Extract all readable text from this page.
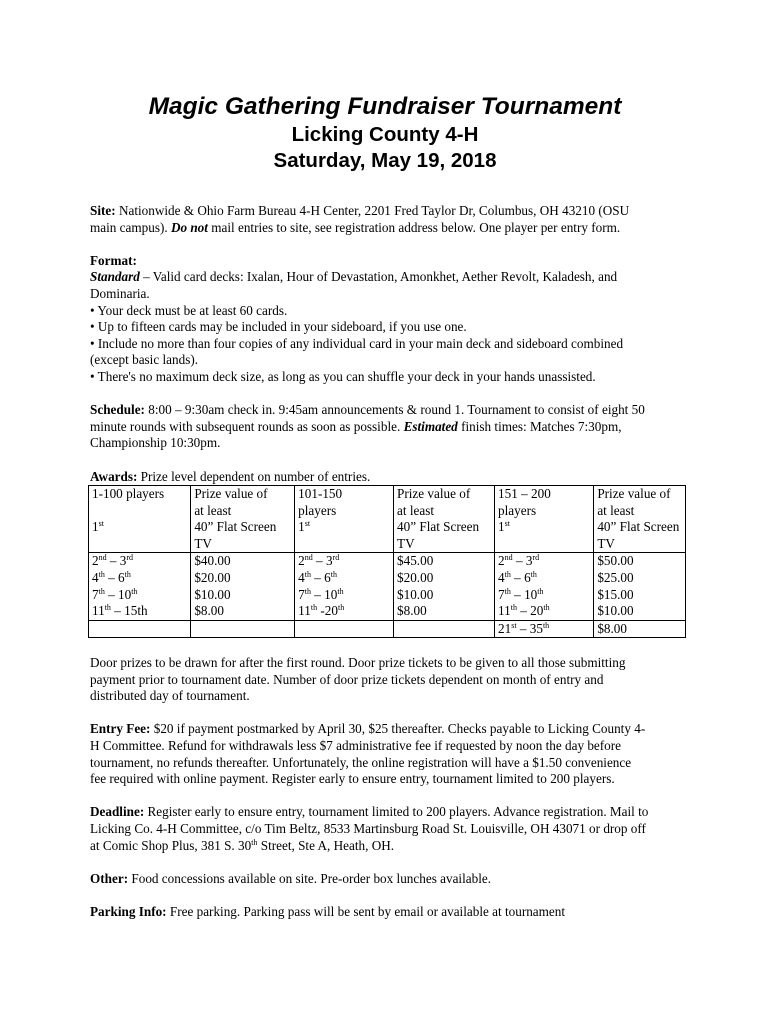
Magic Gathering Fundraiser Tournament

Licking County 4-H

Saturday, May 19, 2018

Site: Nationwide & Ohio Farm Bureau 4-H Center, 2201 Fred Taylor Dr, Columbus, OH 43210 (OSU

main campus). Do not mail entries to site, see registration address below. One player per entry form.

Format:

Standard – Valid card decks: Ixalan, Hour of Devastation, Amonkhet, Aether Revolt, Kaladesh, and

Dominaria.

• Your deck must be at least 60 cards.

• Up to fifteen cards may be included in your sideboard, if you use one.

• Include no more than four copies of any individual card in your main deck and sideboard combined

(except basic lands).

• There's no maximum deck size, as long as you can shuffle your deck in your hands unassisted.

Schedule: 8:00 – 9:30am check in. 9:45am announcements & round 1. Tournament to consist of eight 50

minute rounds with subsequent rounds as soon as possible. Estimated finish times: Matches 7:30pm,

Championship 10:30pm.

Awards: Prize level dependent on number of entries.

1-100 players
1st	Prize value of
at least
40” Flat Screen
TV	101-150
players
1st	Prize value of
at least
40” Flat Screen
TV	151 – 200
players
1st	Prize value of
at least
40” Flat Screen
TV

2nd – 3rd
4th – 6th
7th – 10th
11th – 15th	$40.00
$20.00
$10.00
$8.00	2nd – 3rd
4th – 6th
7th – 10th
11th -20th	$45.00
$20.00
$10.00
$8.00	2nd – 3rd
4th – 6th
7th – 10th
11th – 20th	$50.00
$25.00
$15.00
$10.00

				21st – 35th	$8.00

Door prizes to be drawn for after the first round. Door prize tickets to be given to all those submitting

payment prior to tournament date. Number of door prize tickets dependent on month of entry and

distributed day of tournament.

Entry Fee: $20 if payment postmarked by April 30, $25 thereafter. Checks payable to Licking County 4-

H Committee. Refund for withdrawals less $7 administrative fee if requested by noon the day before

tournament, no refunds thereafter. Unfortunately, the online registration will have a $1.50 convenience

fee required with online payment. Register early to ensure entry, tournament limited to 200 players.

Deadline: Register early to ensure entry, tournament limited to 200 players. Advance registration. Mail to

Licking Co. 4-H Committee, c/o Tim Beltz, 8533 Martinsburg Road St. Louisville, OH 43071 or drop off

at Comic Shop Plus, 381 S. 30th Street, Ste A, Heath, OH.

Other: Food concessions available on site. Pre-order box lunches available.

Parking Info: Free parking. Parking pass will be sent by email or available at tournament
